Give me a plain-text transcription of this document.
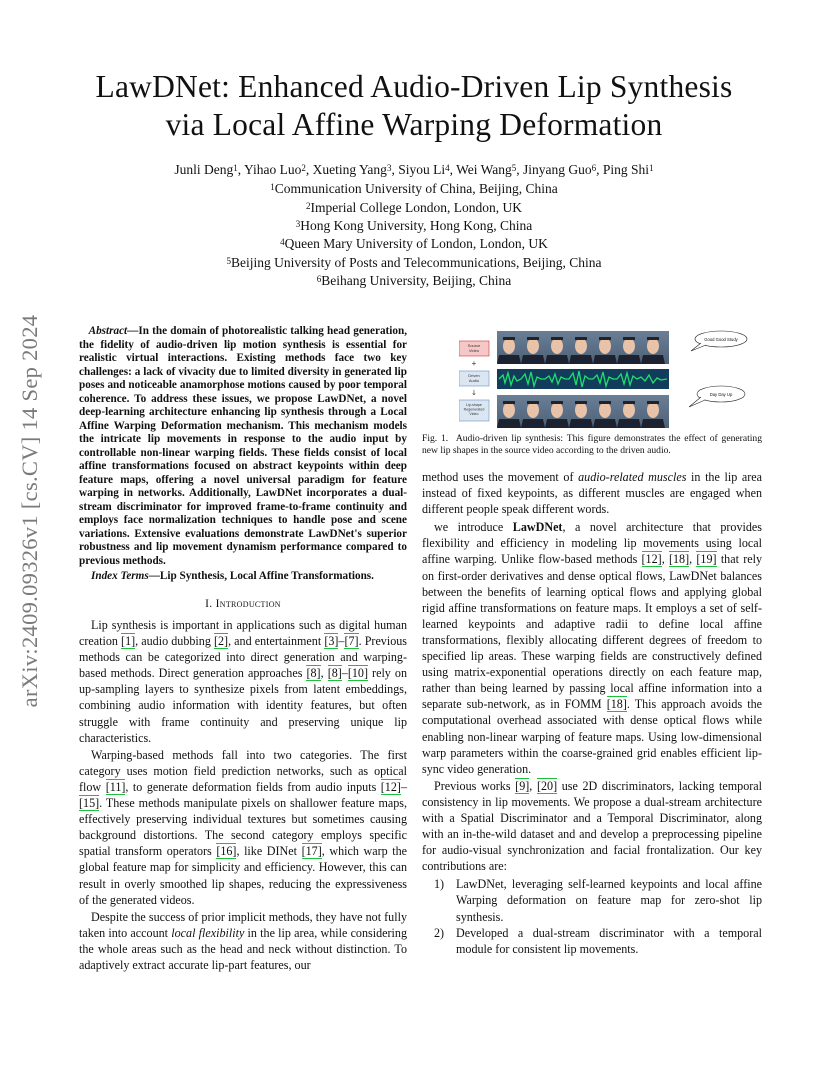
LawDNet: Enhanced Audio-Driven Lip Synthesis
via Local Affine Warping Deformation
Junli Deng$^1$, Yihao Luo$^2$, Xueting Yang$^3$, Siyou Li$^4$, Wei Wang$^5$, Jinyang Guo$^6$, Ping Shi$^1$
$^1$Communication University of China, Beijing, China
$^2$Imperial College London, London, UK
$^3$Hong Kong University, Hong Kong, China
$^4$Queen Mary University of London, London, UK
$^5$Beijing University of Posts and Telecommunications, Beijing, China
$^6$Beihang University, Beijing, China
arXiv:2409.09326v1 [cs.CV] 14 Sep 2024	Abstract—In the domain of photorealistic talking head generation, the fidelity of audio-driven lip motion synthesis is essential for realistic virtual interactions. Existing methods face two key challenges: a lack of vivacity due to limited diversity in generated lip poses and noticeable anamorphose motions caused by poor temporal coherence. To address these issues, we propose LawDNet, a novel deep-learning architecture enhancing lip synthesis through a Local Affine Warping Deformation mechanism. This mechanism models the intricate lip movements in response to the audio input by controllable non-linear warping fields. These fields consist of local affine transformations focused on abstract keypoints within deep feature maps, offering a novel universal paradigm for feature warping in networks. Additionally, LawDNet incorporates a dual-stream discriminator for improved frame-to-frame continuity and employs face normalization techniques to handle pose and scene variations. Extensive evaluations demonstrate LawDNet's superior robustness and lip movement dynamism performance compared to previous methods.
Index Terms—Lip Synthesis, Local Affine Transformations.
I. Introduction

Lip synthesis is important in applications such as digital human creation [1], audio dubbing [2], and entertainment [3]–[7]. Previous methods can be categorized into direct generation and warping-based methods. Direct generation approaches [8], [8]–[10] rely on up-sampling layers to synthesize pixels from latent embeddings, combining audio information with identity features, but often struggle with frame continuity and preserving unique lip characteristics.

Warping-based methods fall into two categories. The first category uses motion field prediction networks, such as optical flow [11], to generate deformation fields from audio inputs [12]–[15]. These methods manipulate pixels on shallower feature maps, effectively preserving individual textures but sometimes causing background distortions. The second category employs specific spatial transform operators [16], like DINet [17], which warp the global feature map for simplicity and efficiency. However, this can result in overly smoothed lip shapes, reducing the expressiveness of the generated videos.

Despite the success of prior implicit methods, they have not fully taken into account local flexibility in the lip area, while considering the whole areas such as the head and neck without distinction. To adaptively extract accurate lip-part features, our

Source Video
+
Driven Audio
↓
Lip-shape Regenerated Video
Good Good Study
Day Day Up
Fig. 1. Audio-driven lip synthesis: This figure demonstrates the effect of generating new lip shapes in the source video according to the driven audio.

method uses the movement of audio-related muscles in the lip area instead of fixed keypoints, as different muscles are engaged when different people speak different words.

we introduce LawDNet, a novel architecture that provides flexibility and efficiency in modeling lip movements using local affine warping. Unlike flow-based methods [12], [18], [19] that rely on first-order derivatives and dense optical flows, LawDNet balances between the benefits of learning optical flows and applying global rigid affine transformations on feature maps. It employs a set of self-learned keypoints and adaptive radii to define local affine transformations, flexibly allocating different degrees of freedom to specified lip areas. These warping fields are constructively defined using matrix-exponential operations directly on each feature map, rather than being learned by passing local affine information into a separate sub-network, as in FOMM [18]. This approach avoids the computational overhead associated with dense optical flows while enabling non-linear warping of feature maps. Using low-dimensional warp parameters within the coarse-grained grid enables efficient lip-sync video generation.

Previous works [9], [20] use 2D discriminators, lacking temporal consistency in lip movements. We propose a dual-stream architecture with a Spatial Discriminator and a Temporal Discriminator, along with an in-the-wild dataset and and develop a preprocessing pipeline for audio-visual synchronization and facial frontalization. Our key contributions are:

1) LawDNet, leveraging self-learned keypoints and local affine Warping deformation on feature map for zero-shot lip synthesis.
2) Developed a dual-stream discriminator with a temporal module for consistent lip movements.
